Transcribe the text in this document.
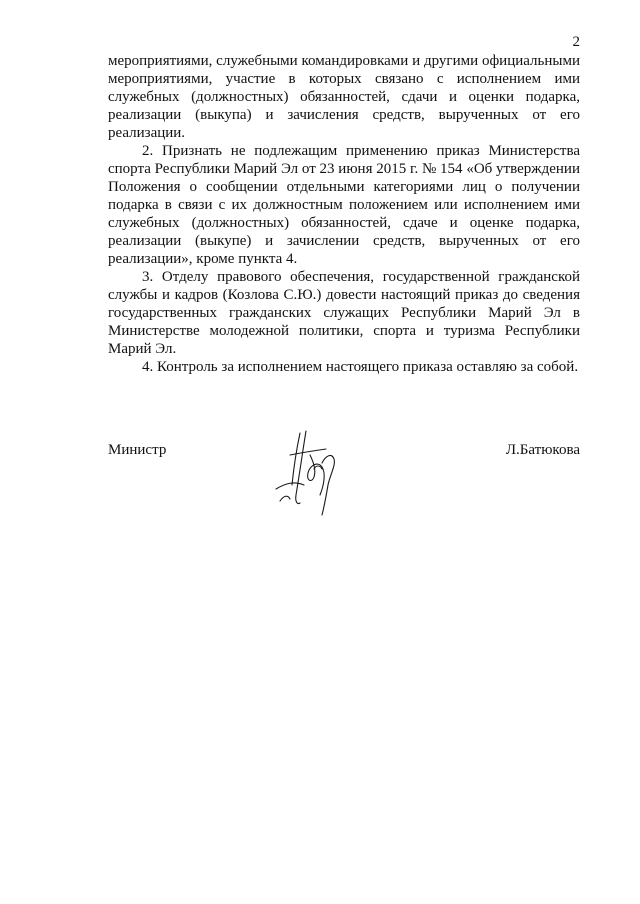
2

мероприятиями, служебными командировками и другими официальными мероприятиями, участие в которых связано с исполнением ими служебных (должностных) обязанностей, сдачи и оценки подарка, реализации (выкупа) и зачисления средств, вырученных от его реализации.

2. Признать не подлежащим применению приказ Министерства спорта Республики Марий Эл от 23 июня 2015 г. № 154 «Об утверждении Положения о сообщении отдельными категориями лиц о получении подарка в связи с их должностным положением или исполнением ими служебных (должностных) обязанностей, сдаче и оценке подарка, реализации (выкупе) и зачислении средств, вырученных от его реализации», кроме пункта 4.

3. Отделу правового обеспечения, государственной гражданской службы и кадров (Козлова С.Ю.) довести настоящий приказ до сведения государственных гражданских служащих Республики Марий Эл в Министерстве молодежной политики, спорта и туризма Республики Марий Эл.

4. Контроль за исполнением настоящего приказа оставляю за собой.

Министр	Л.Батюкова
